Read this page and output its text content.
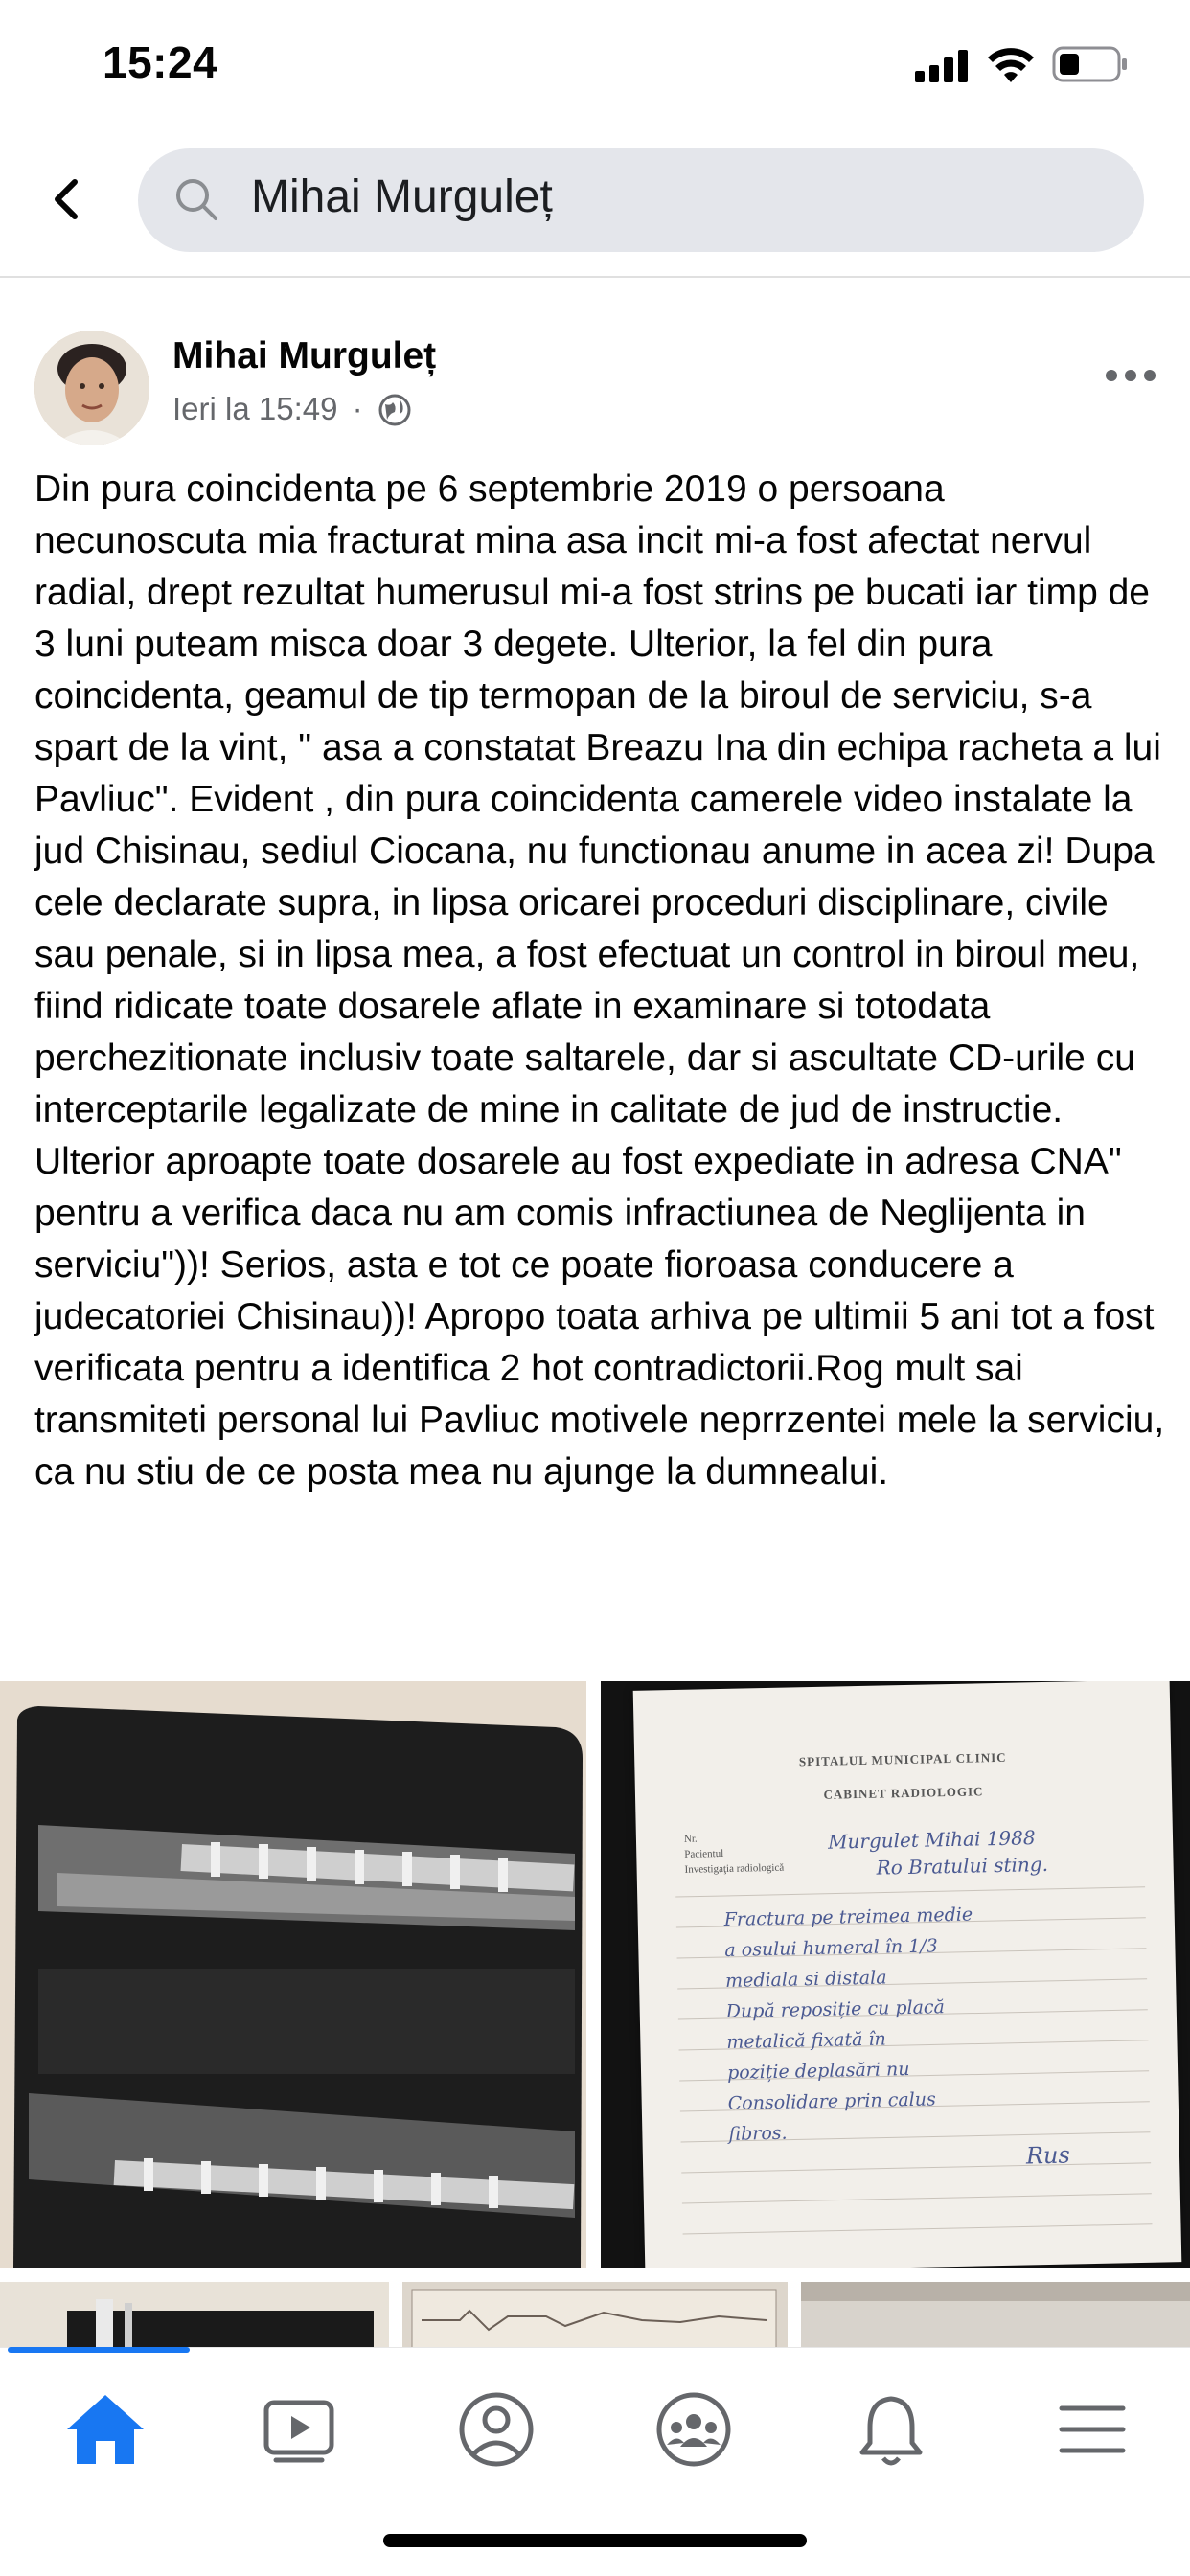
15:24
Mihai Murguleț
Mihai Murguleț
Ieri la 15:49 ·
Din pura coincidenta pe 6 septembrie 2019 o persoana necunoscuta mia fracturat mina asa incit mi-a fost afectat nervul radial, drept rezultat humerusul mi-a fost strins pe bucati iar timp de 3 luni puteam misca doar 3 degete. Ulterior, la fel din pura coincidenta, geamul de tip termopan de la biroul de serviciu, s-a spart de la vint, " asa a constatat Breazu Ina din echipa racheta a lui Pavliuc". Evident , din pura coincidenta camerele video instalate la jud Chisinau, sediul Ciocana, nu functionau anume in acea zi! Dupa cele declarate supra, in lipsa oricarei proceduri disciplinare, civile sau penale, si in lipsa mea, a fost efectuat un control in biroul meu, fiind ridicate toate dosarele aflate in examinare si totodata perchezitionate inclusiv toate saltarele, dar si ascultate CD-urile cu interceptarile legalizate de mine in calitate de jud de instructie. Ulterior aproapte toate dosarele au fost expediate in adresa CNA" pentru a verifica daca nu am comis infractiunea de Neglijenta in serviciu"))! Serios, asta e tot ce poate fioroasa conducere a judecatoriei Chisinau))! Apropo toata arhiva pe ultimii 5 ani tot a fost verificata pentru a identifica 2 hot contradictorii.Rog mult sai transmiteti personal lui Pavliuc motivele neprrzentei mele la serviciu, ca nu stiu de ce posta mea nu ajunge la dumnealui.
SPITALUL MUNICIPAL CLINIC
CABINET RADIOLOGIC
Nr.
Pacientul
Investigaţia radiologică
Murgulet Mihai 1988
Ro Bratului sting.
Fractura pe treimea medie
a osului humeral în 1/3
mediala si distala
După reposiție cu placă
metalică fixată în
poziție deplasări nu
Consolidare prin calus
fibros.
Rus
